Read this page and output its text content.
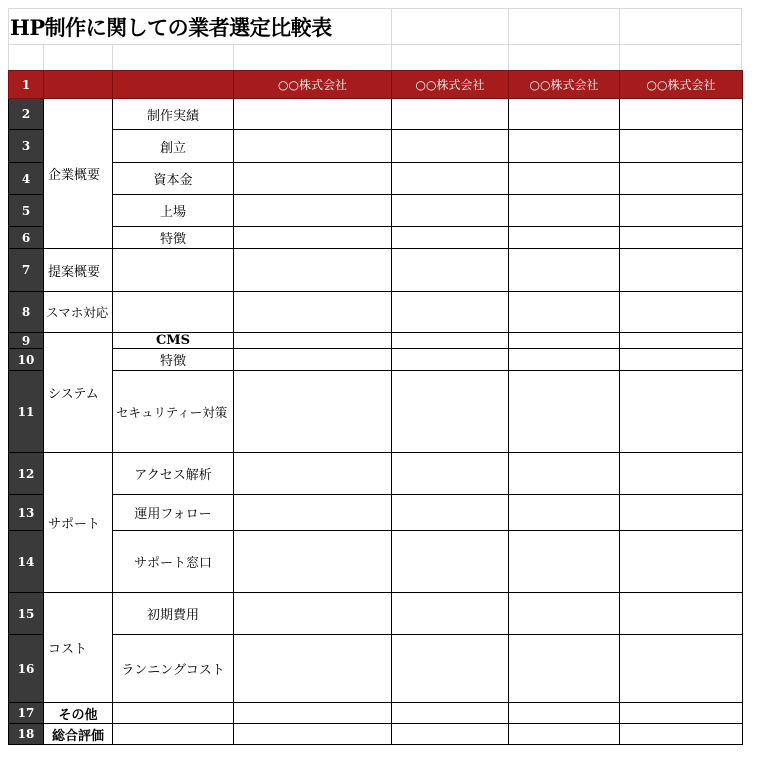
HP制作に関しての業者選定比較表
1			○○株式会社	○○株式会社	○○株式会社	○○株式会社
2	企業概要	制作実績				
3		創立				
4		資本金				
5		上場				
6		特徴				
7	提案概要					
8	スマホ対応					
9	システム	CMS				
10		特徴				
11		セキュリティー対策				
12	サポート	アクセス解析				
13		運用フォロー				
14		サポート窓口				
15	コスト	初期費用				
16		ランニングコスト				
17	その他					
18	総合評価					
